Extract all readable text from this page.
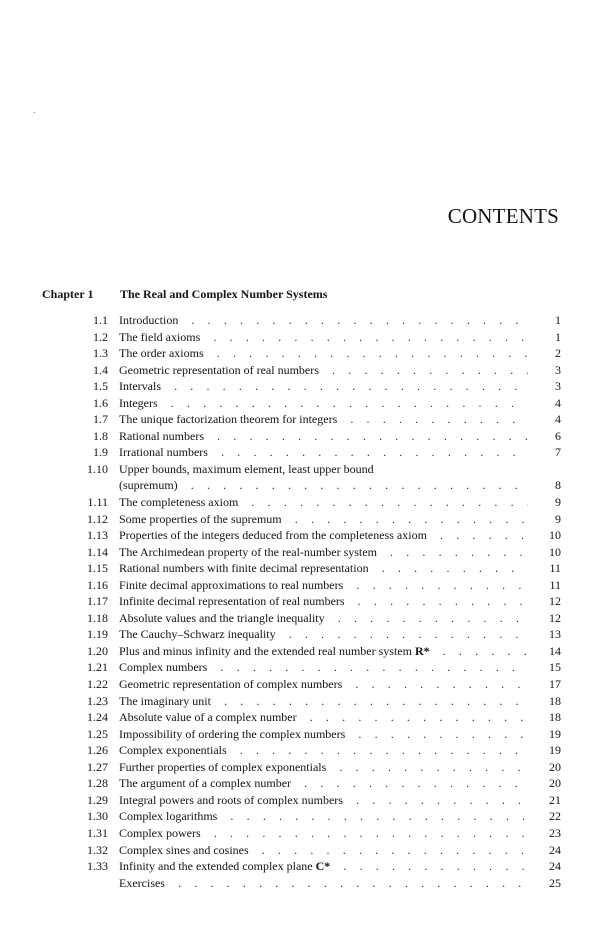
CONTENTS
Chapter 1 The Real and Complex Number Systems
1.1 Introduction . . .	1
1.2 The field axioms . . .	1
1.3 The order axioms . . .	2
1.4 Geometric representation of real numbers . . .	3
1.5 Intervals . . .	3
1.6 Integers . . .	4
1.7 The unique factorization theorem for integers . . .	4
1.8 Rational numbers . . .	6
1.9 Irrational numbers . . .	7
1.10 Upper bounds, maximum element, least upper bound
(supremum) . . .	8
1.11 The completeness axiom . . .	9
1.12 Some properties of the supremum . . .	9
1.13 Properties of the integers deduced from the completeness axiom . . .	10
1.14 The Archimedean property of the real-number system . . .	10
1.15 Rational numbers with finite decimal representation . . .	11
1.16 Finite decimal approximations to real numbers . . .	11
1.17 Infinite decimal representation of real numbers . . .	12
1.18 Absolute values and the triangle inequality . . .	12
1.19 The Cauchy–Schwarz inequality . . .	13
1.20 Plus and minus infinity and the extended real number system R* . . .	14
1.21 Complex numbers . . .	15
1.22 Geometric representation of complex numbers . . .	17
1.23 The imaginary unit . . .	18
1.24 Absolute value of a complex number . . .	18
1.25 Impossibility of ordering the complex numbers . . .	19
1.26 Complex exponentials . . .	19
1.27 Further properties of complex exponentials . . .	20
1.28 The argument of a complex number . . .	20
1.29 Integral powers and roots of complex numbers . . .	21
1.30 Complex logarithms . . .	22
1.31 Complex powers . . .	23
1.32 Complex sines and cosines . . .	24
1.33 Infinity and the extended complex plane C* . . .	24
Exercises . . .	25
